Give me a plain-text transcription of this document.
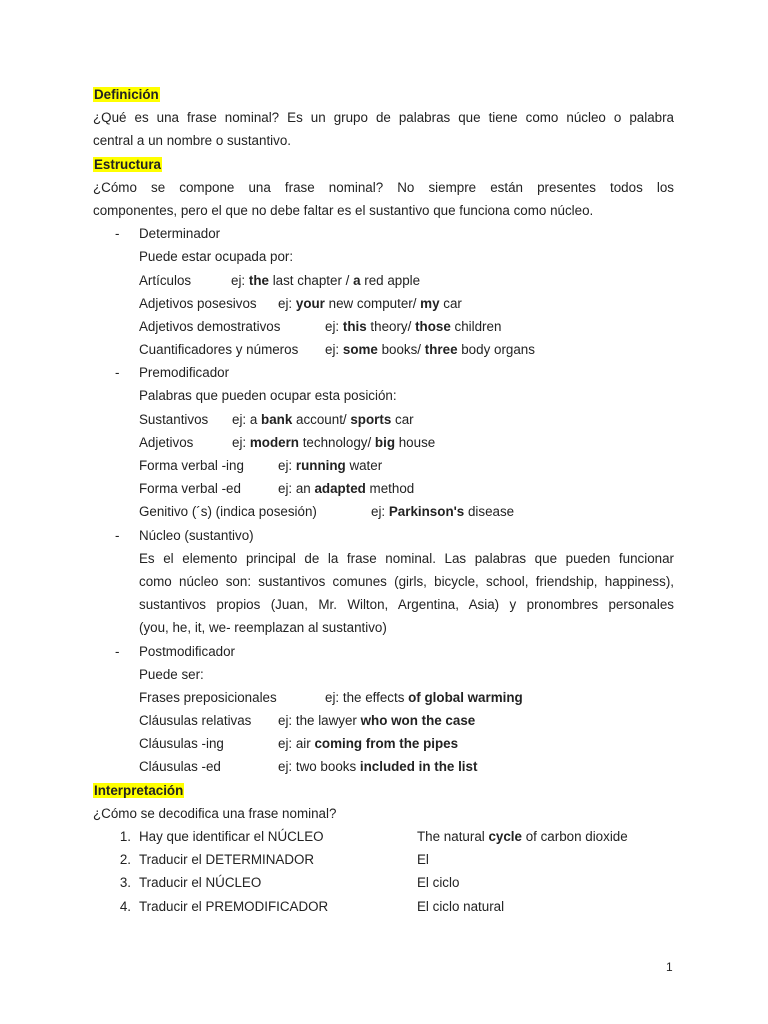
Definición
¿Qué es una frase nominal? Es un grupo de palabras que tiene como núcleo o palabra
central a un nombre o sustantivo.
Estructura
¿Cómo se compone una frase nominal? No siempre están presentes todos los
componentes, pero el que no debe faltar es el sustantivo que funciona como núcleo.
- Determinador
Puede estar ocupada por:
Artículos	ej: the last chapter / a red apple
Adjetivos posesivos ej: your new computer/ my car
Adjetivos demostrativos	ej: this theory/ those children
Cuantificadores y números ej: some books/ three body organs
- Premodificador
Palabras que pueden ocupar esta posición:
Sustantivos ej: a bank account/ sports car
Adjetivos	ej: modern technology/ big house
Forma verbal -ing	ej: running water
Forma verbal -ed	ej: an adapted method
Genitivo (´s) (indica posesión)	ej: Parkinson's disease
- Núcleo (sustantivo)
Es el elemento principal de la frase nominal. Las palabras que pueden funcionar
como núcleo son: sustantivos comunes (girls, bicycle, school, friendship, happiness),
sustantivos propios (Juan, Mr. Wilton, Argentina, Asia) y pronombres personales
(you, he, it, we- reemplazan al sustantivo)
- Postmodificador
Puede ser:
Frases preposicionales	ej: the effects of global warming
Cláusulas relativas ej: the lawyer who won the case
Cláusulas -ing	ej: air coming from the pipes
Cláusulas -ed	ej: two books included in the list
Interpretación
¿Cómo se decodifica una frase nominal?
1. Hay que identificar el NÚCLEO	The natural cycle of carbon dioxide
2. Traducir el DETERMINADOR	El
3. Traducir el NÚCLEO	El ciclo
4. Traducir el PREMODIFICADOR	El ciclo natural
1
